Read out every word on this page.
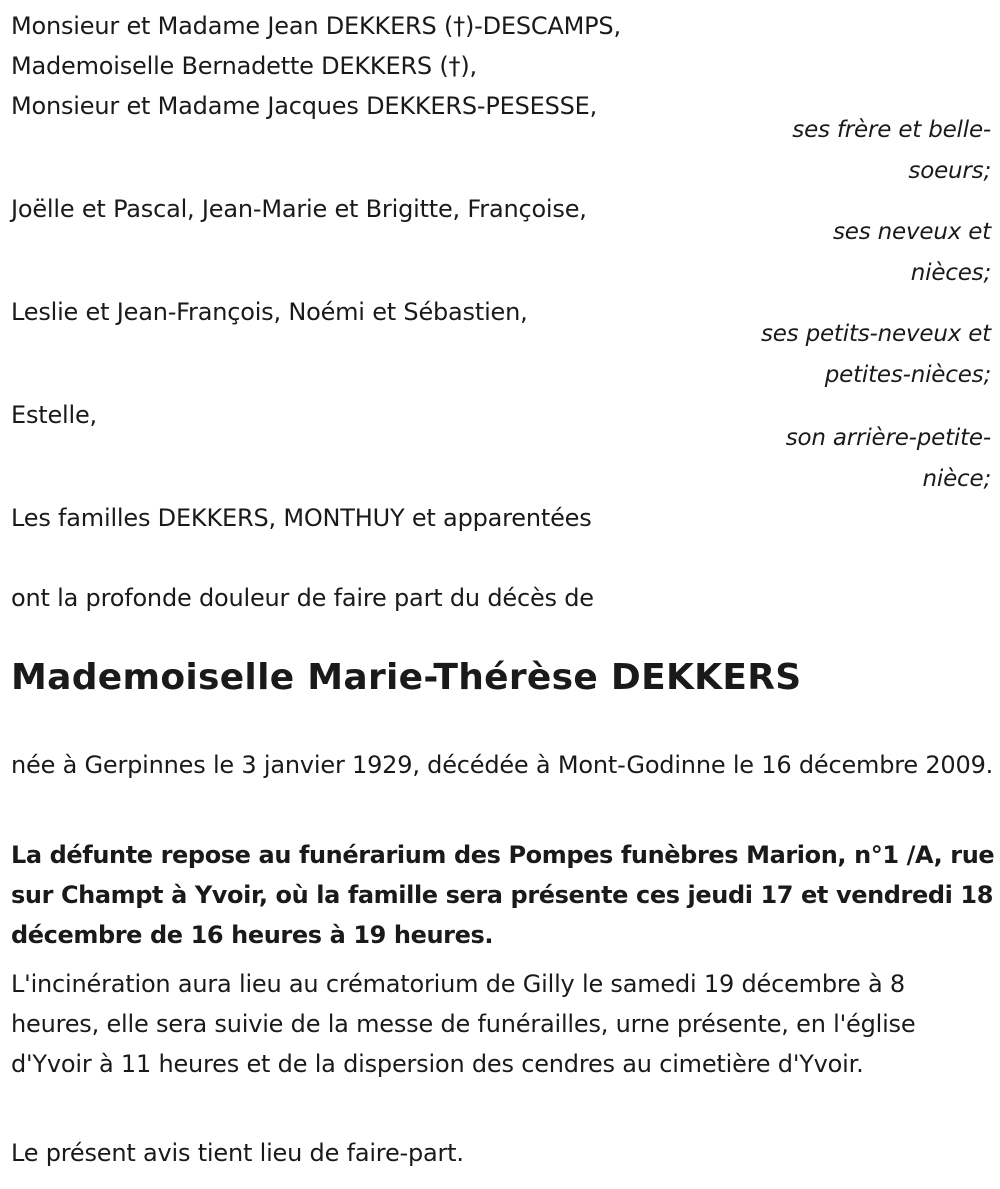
Monsieur et Madame Jean DEKKERS (†)-DESCAMPS,
Mademoiselle Bernadette DEKKERS (†),
Monsieur et Madame Jacques DEKKERS-PESESSE,
ses frère et belle-
soeurs;
Joëlle et Pascal, Jean-Marie et Brigitte, Françoise,
ses neveux et
nièces;
Leslie et Jean-François, Noémi et Sébastien,
ses petits-neveux et
petites-nièces;
Estelle,
son arrière-petite-
nièce;
Les familles DEKKERS, MONTHUY et apparentées
ont la profonde douleur de faire part du décès de
Mademoiselle Marie-Thérèse DEKKERS
née à Gerpinnes le 3 janvier 1929, décédée à Mont-Godinne le 16 décembre 2009.
La défunte repose au funérarium des Pompes funèbres Marion, n°1 /A, rue sur Champt à Yvoir, où la famille sera présente ces jeudi 17 et vendredi 18 décembre de 16 heures à 19 heures.
L'incinération aura lieu au crématorium de Gilly le samedi 19 décembre à 8 heures, elle sera suivie de la messe de funérailles, urne présente, en l'église d'Yvoir à 11 heures et de la dispersion des cendres au cimetière d'Yvoir.
Le présent avis tient lieu de faire-part.
